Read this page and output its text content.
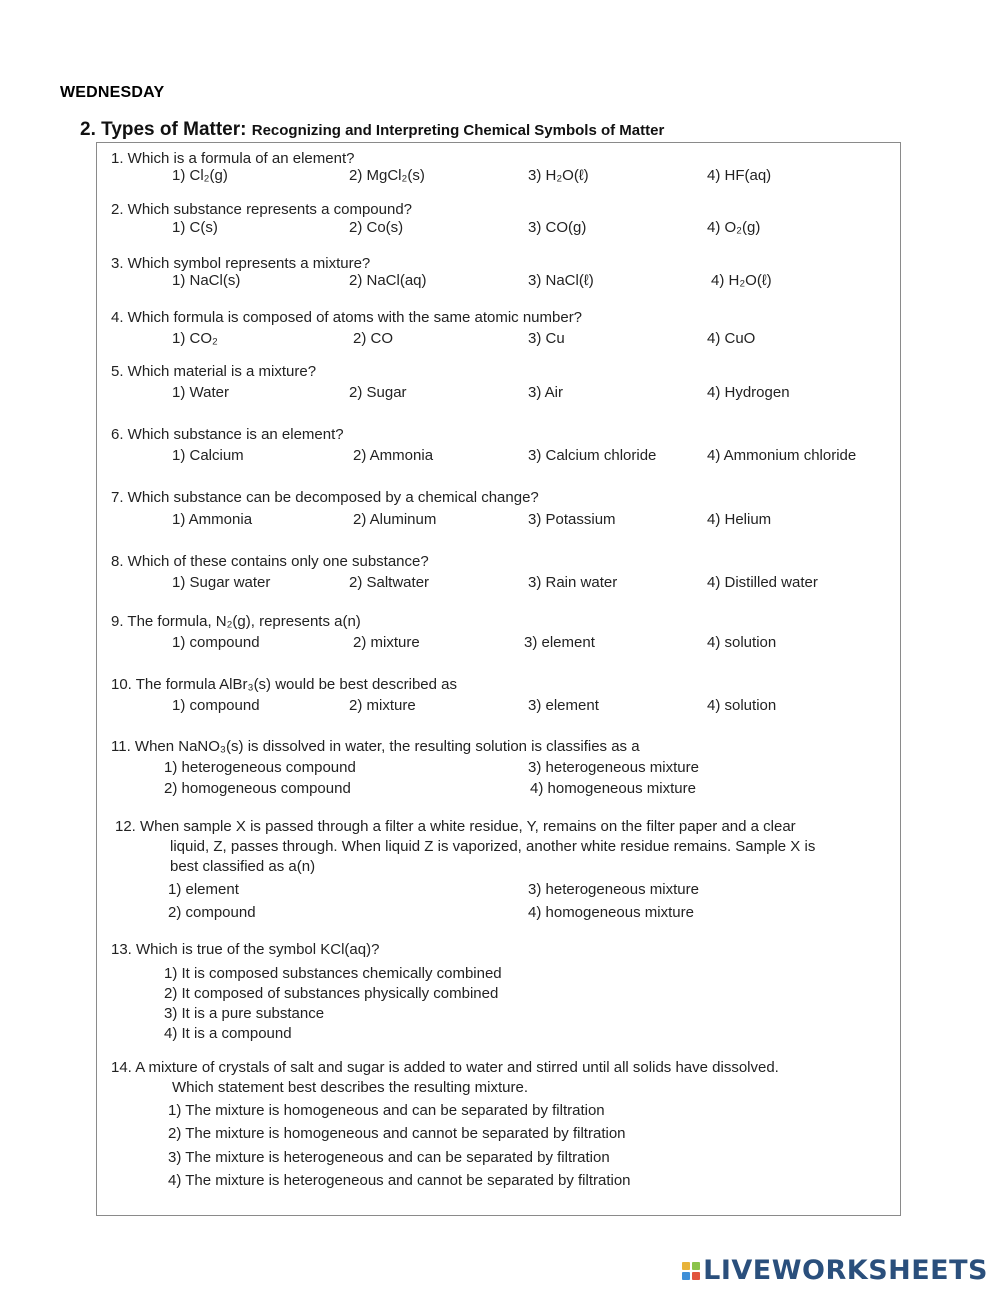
WEDNESDAY
2. Types of Matter: Recognizing and Interpreting Chemical Symbols of Matter
1. Which is a formula of an element?
1) Cl₂(g)	2) MgCl₂(s)	3) H₂O(ℓ)	4) HF(aq)
2. Which substance represents a compound?
1) C(s)	2) Co(s)	3) CO(g)	4) O₂(g)
3. Which symbol represents a mixture?
1) NaCl(s)	2) NaCl(aq)	3) NaCl(ℓ)	4) H₂O(ℓ)
4. Which formula is composed of atoms with the same atomic number?
1) CO₂	2) CO	3) Cu	4) CuO
5. Which material is a mixture?
1) Water	2) Sugar	3) Air	4) Hydrogen
6. Which substance is an element?
1) Calcium	2) Ammonia	3) Calcium chloride	4) Ammonium chloride
7. Which substance can be decomposed by a chemical change?
1) Ammonia	2) Aluminum	3) Potassium	4) Helium
8. Which of these contains only one substance?
1) Sugar water	2) Saltwater	3) Rain water	4) Distilled water
9. The formula, N₂(g), represents a(n)
1) compound	2) mixture	3) element	4) solution
10. The formula AlBr₃(s) would be best described as
1) compound	2) mixture	3) element	4) solution
11. When NaNO₃(s) is dissolved in water, the resulting solution is classifies as a
1) heterogeneous compound	3) heterogeneous mixture
2) homogeneous compound	4) homogeneous mixture
12. When sample X is passed through a filter a white residue, Y, remains on the filter paper and a clear
liquid, Z, passes through. When liquid Z is vaporized, another white residue remains. Sample X is
best classified as a(n)
1) element	3) heterogeneous mixture
2) compound	4) homogeneous mixture
13. Which is true of the symbol KCl(aq)?
1) It is composed substances chemically combined
2) It composed of substances physically combined
3) It is a pure substance
4) It is a compound
14. A mixture of crystals of salt and sugar is added to water and stirred until all solids have dissolved.
Which statement best describes the resulting mixture.
1) The mixture is homogeneous and can be separated by filtration
2) The mixture is homogeneous and cannot be separated by filtration
3) The mixture is heterogeneous and can be separated by filtration
4) The mixture is heterogeneous and cannot be separated by filtration
LIVEWORKSHEETS
